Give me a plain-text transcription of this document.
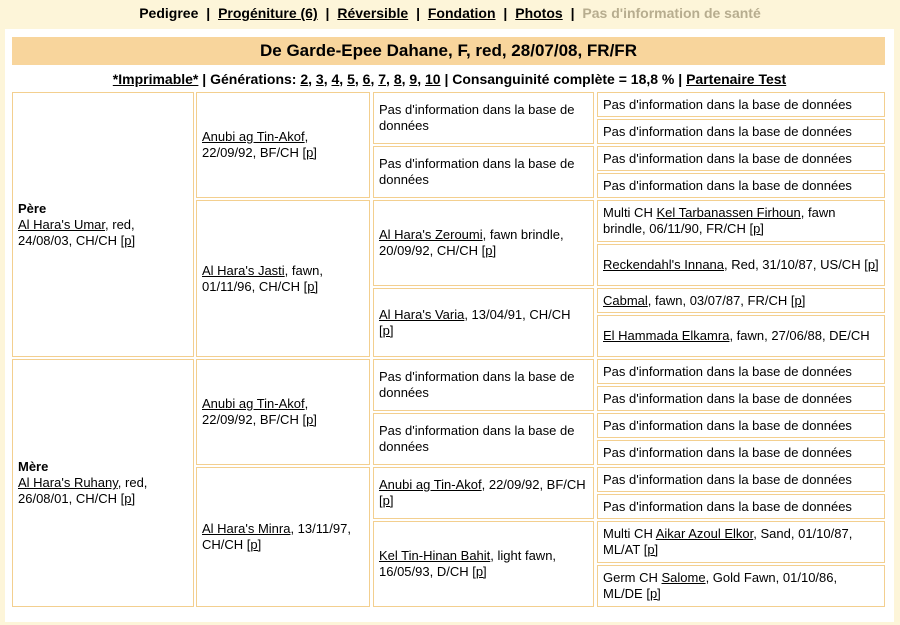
Pedigree | Progéniture (6) | Réversible | Fondation | Photos | Pas d'information de santé
De Garde-Epee Dahane, F, red, 28/07/08, FR/FR
*Imprimable* | Générations: 2, 3, 4, 5, 6, 7, 8, 9, 10 | Consanguinité complète = 18,8 % | Partenaire Test
Père
Al Hara's Umar, red, 24/08/03, CH/CH [p]
Mère
Al Hara's Ruhany, red, 26/08/01, CH/CH [p]
Anubi ag Tin-Akof, 22/09/92, BF/CH [p]
Al Hara's Jasti, fawn, 01/11/96, CH/CH [p]
Anubi ag Tin-Akof, 22/09/92, BF/CH [p]
Al Hara's Minra, 13/11/97, CH/CH [p]
Pas d'information dans la base de données
Pas d'information dans la base de données
Al Hara's Zeroumi, fawn brindle, 20/09/92, CH/CH [p]
Al Hara's Varia, 13/04/91, CH/CH [p]
Pas d'information dans la base de données
Pas d'information dans la base de données
Anubi ag Tin-Akof, 22/09/92, BF/CH [p]
Kel Tin-Hinan Bahit, light fawn, 16/05/93, D/CH [p]
Pas d'information dans la base de données
Pas d'information dans la base de données
Pas d'information dans la base de données
Pas d'information dans la base de données
Multi CH Kel Tarbanassen Firhoun, fawn brindle, 06/11/90, FR/CH [p]
Reckendahl's Innana, Red, 31/10/87, US/CH [p]
Cabmal, fawn, 03/07/87, FR/CH [p]
El Hammada Elkamra, fawn, 27/06/88, DE/CH
Pas d'information dans la base de données
Pas d'information dans la base de données
Pas d'information dans la base de données
Pas d'information dans la base de données
Pas d'information dans la base de données
Pas d'information dans la base de données
Multi CH Aikar Azoul Elkor, Sand, 01/10/87, ML/AT [p]
Germ CH Salome, Gold Fawn, 01/10/86, ML/DE [p]
